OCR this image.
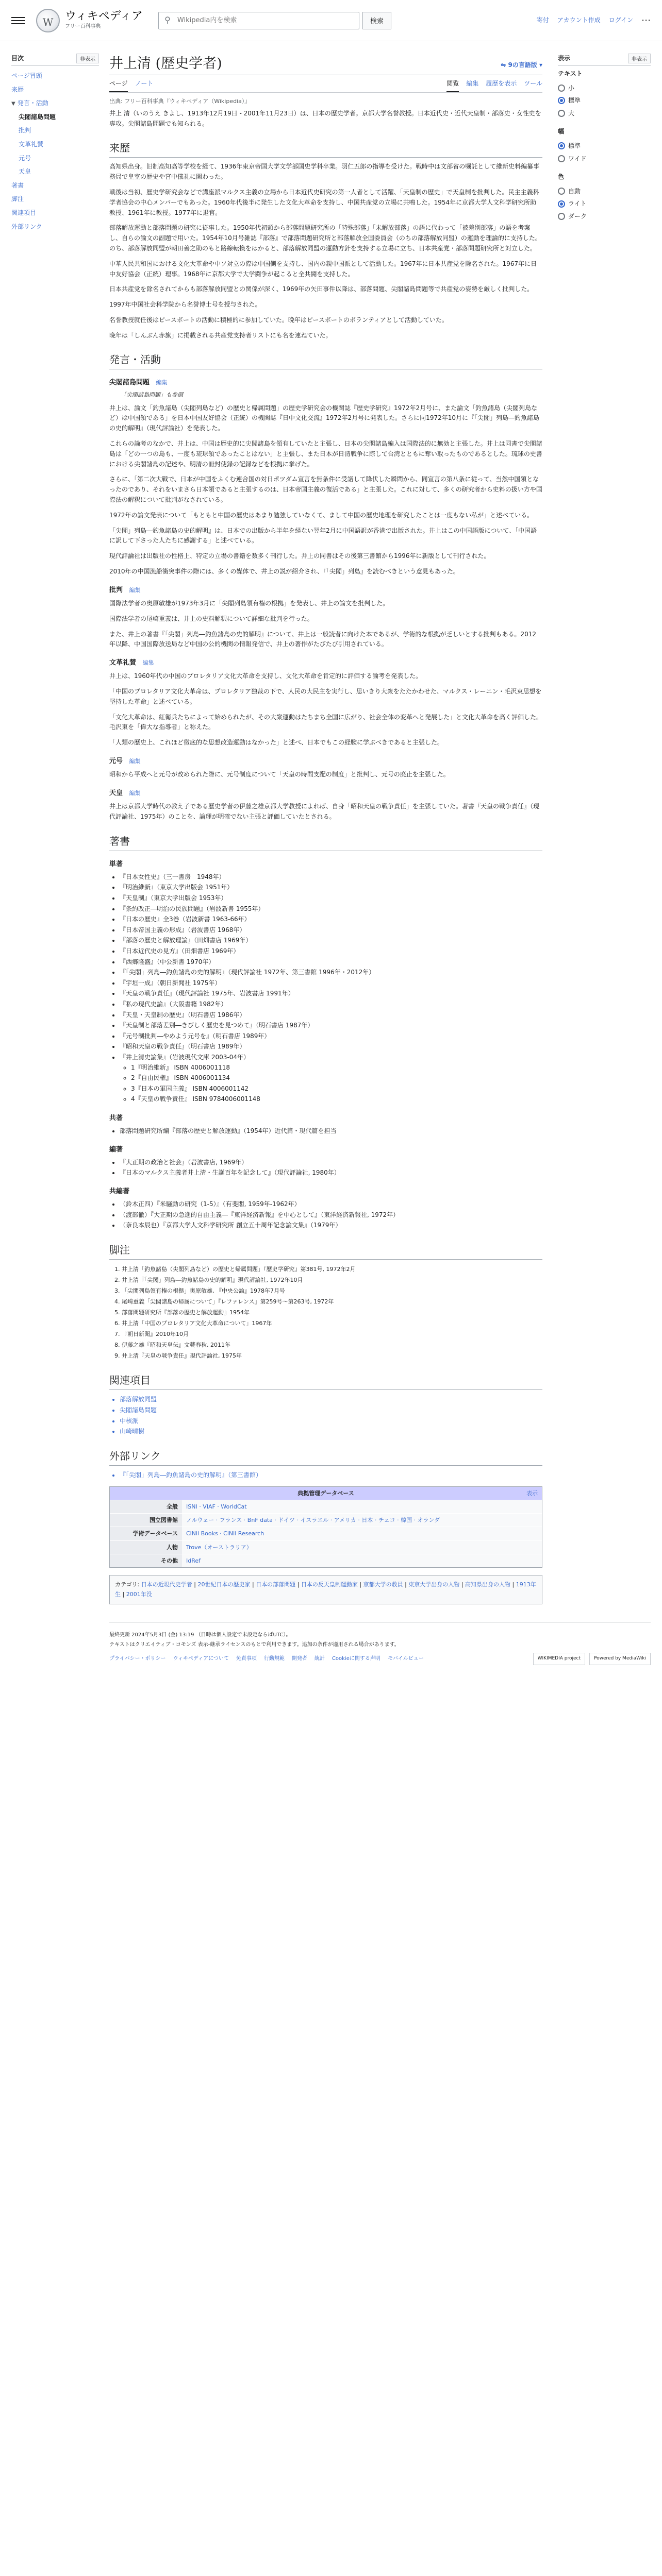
W
ウィキペディア
フリー百科事典
⚲
Wikipedia内を検索	検索	寄付 アカウント作成 ログイン ⋯
目次	非表示
ページ冒頭
来歴
▼ 発言・活動
尖閣諸島問題
批判
文革礼賛
元号
天皇
著書
脚注
関連項目
外部リンク
井上清 (歴史学者)	⇋ 9の言語版 ▾
ページ ノート	閲覧 編集 履歴を表示 ツール
出典: フリー百科事典『ウィキペディア（Wikipedia）』

井上 清（いのうえ きよし、1913年12月19日 - 2001年11月23日）は、日本の歴史学者。京都大学名誉教授。日本近代史・近代天皇制・部落史・女性史を専攻。尖閣諸島問題でも知られる。

来歴

高知県出身。旧制高知高等学校を経て、1936年東京帝国大学文学部国史学科卒業。羽仁五郎の指導を受けた。戦時中は文部省の嘱託として維新史料編纂事務局で皇室の歴史や宮中儀礼に関わった。

戦後は当初、歴史学研究会などで講座派マルクス主義の立場から日本近代史研究の第一人者として活躍、「天皇制の歴史」で天皇制を批判した。民主主義科学者協会の中心メンバーでもあった。1960年代後半に発生した文化大革命を支持し、中国共産党の立場に共鳴した。1954年に京都大学人文科学研究所助教授、1961年に教授。1977年に退官。

部落解放運動と部落問題の研究に従事した。1950年代初頭から部落問題研究所の「特殊部落」「未解放部落」の語に代わって「被差別部落」の語を考案し、自らの論文の副題で用いた。1954年10月号雑誌『部落』で部落問題研究所と部落解放全国委員会（のちの部落解放同盟）の運動を理論的に支持した。のち、部落解放同盟が朝田善之助のもと路線転換をはかると、部落解放同盟の運動方針を支持する立場に立ち、日本共産党・部落問題研究所と対立した。

中華人民共和国における文化大革命や中ソ対立の際は中国側を支持し、国内の親中国派として活動した。1967年に日本共産党を除名された。1967年に日中友好協会（正統）理事。1968年に京都大学で大学闘争が起こると全共闘を支持した。

日本共産党を除名されてからも部落解放同盟との関係が深く、1969年の矢田事件以降は、部落問題、尖閣諸島問題等で共産党の姿勢を厳しく批判した。

1997年中国社会科学院から名誉博士号を授与された。

名誉教授就任後はピースボートの活動に積極的に参加していた。晩年はピースボートのボランティアとして活動していた。

晩年は「しんぶん赤旗」に掲載される共産党支持者リストにも名を連ねていた。

発言・活動
尖閣諸島問題 編集
「尖閣諸島問題」も参照

井上は、論文「釣魚諸島（尖閣列島など）の歴史と帰属問題」の歴史学研究会の機関誌『歴史学研究』1972年2月号に、また論文「釣魚諸島（尖閣列島など）は中国領である」を日本中国友好協会（正統）の機関誌『日中文化交流』1972年2月号に発表した。さらに同1972年10月に『「尖閣」列島―釣魚諸島の史的解明』（現代評論社）を発表した。

これらの論考のなかで、井上は、中国は歴史的に尖閣諸島を領有していたと主張し、日本の尖閣諸島編入は国際法的に無効と主張した。井上は同書で尖閣諸島は「どの一つの島も、一度も琉球領であったことはない」と主張し、また日本が日清戦争に際して台湾とともに奪い取ったものであるとした。琉球の史書における尖閣諸島の記述や、明清の冊封使録の記録などを根拠に挙げた。

さらに、「第二次大戦で、日本が中国をふくむ連合国の対日ポツダム宣言を無条件に受諾して降伏した瞬間から、同宣言の第八条に従って、当然中国領となったのであり、それをいまさら日本領であると主張するのは、日本帝国主義の復活である」と主張した。これに対して、多くの研究者から史料の扱い方や国際法の解釈について批判がなされている。

1972年の論文発表について「もともと中国の歴史はあまり勉強していなくて、まして中国の歴史地理を研究したことは一度もない私が」と述べている。

「尖閣」列島―釣魚諸島の史的解明』は、日本での出版から半年を経ない翌年2月に中国語訳が香港で出版された。井上はこの中国語版について、「中国語に訳して下さった人たちに感謝する」と述べている。

現代評論社は出版社の性格上、特定の立場の書籍を数多く刊行した。井上の同書はその後第三書館から1996年に新版として刊行された。

2010年の中国漁船衝突事件の際には、多くの媒体で、井上の説が紹介され、『「尖閣」列島』を読むべきという意見もあった。

批判 編集

国際法学者の奥原敏雄が1973年3月に「尖閣列島領有権の根拠」を発表し、井上の論文を批判した。

国際法学者の尾崎重義は、井上の史料解釈について詳細な批判を行った。

また、井上の著書『「尖閣」列島―釣魚諸島の史的解明』について、井上は一般読者に向けた本であるが、学術的な根拠が乏しいとする批判もある。2012年以降、中国国際放送局など中国の公的機関の情報発信で、井上の著作がたびたび引用されている。

文革礼賛 編集

井上は、1960年代の中国のプロレタリア文化大革命を支持し、文化大革命を肯定的に評価する論考を発表した。

「中国のプロレタリア文化大革命は、プロレタリア独裁の下で、人民の大民主を実行し、思いきり大衆をたたかわせた、マルクス・レーニン・毛沢東思想を堅持した革命」と述べている。

「文化大革命は、紅衛兵たちによって始められたが、その大衆運動はたちまち全国に広がり、社会全体の変革へと発展した」と文化大革命を高く評価した。毛沢東を「偉大な指導者」と称えた。

「人類の歴史上、これほど徹底的な思想改造運動はなかった」と述べ、日本でもこの経験に学ぶべきであると主張した。

元号 編集

昭和から平成へと元号が改められた際に、元号制度について「天皇の時間支配の制度」と批判し、元号の廃止を主張した。

天皇 編集

井上は京都大学時代の教え子である歴史学者の伊藤之雄京都大学教授によれば、自身「昭和天皇の戦争責任」を主張していた。著書『天皇の戦争責任』（現代評論社、1975年）のことを、論理が明確でない主張と評価していたとされる。

著書
単著
• 『日本女性史』（三一書房　1948年）
• 『明治維新』（東京大学出版会 1951年）
• 『天皇制』（東京大学出版会 1953年）
• 『条約改正―明治の民族問題』（岩波新書 1955年）
• 『日本の歴史』全3巻（岩波新書 1963-66年）
• 『日本帝国主義の形成』（岩波書店 1968年）
• 『部落の歴史と解放理論』（田畑書店 1969年）
• 『日本近代史の見方』（田畑書店 1969年）
• 『西郷隆盛』（中公新書 1970年）
• 『「尖閣」列島―釣魚諸島の史的解明』（現代評論社 1972年、第三書館 1996年・2012年）
• 『宇垣一成』（朝日新聞社 1975年）
• 『天皇の戦争責任』（現代評論社 1975年、岩波書店 1991年）
• 『私の現代史論』（大阪書籍 1982年）
• 『天皇・天皇制の歴史』（明石書店 1986年）
• 『天皇制と部落差別―きびしく歴史を見つめて』（明石書店 1987年）
• 『元号制批判―やめよう元号を』（明石書店 1989年）
• 『昭和天皇の戦争責任』（明石書店 1989年）
• 『井上清史論集』（岩波現代文庫 2003-04年）
◦ 1『明治維新』 ISBN 4006001118
◦ 2『自由民権』 ISBN 4006001134
◦ 3『日本の軍国主義』 ISBN 4006001142
◦ 4『天皇の戦争責任』 ISBN 9784006001148
共著
• 部落問題研究所編『部落の歴史と解放運動』（1954年）近代篇・現代篇を担当
編著
• 『大正期の政治と社会』（岩波書店, 1969年）
• 『日本のマルクス主義者井上清・生誕百年を記念して』（現代評論社, 1980年）
共編著
• （鈴木正四）『米騒動の研究（1-5）』（有斐閣, 1959年-1962年）
• （渡部徹）『大正期の急進的自由主義―『東洋経済新報』を中心として』（東洋経済新報社, 1972年）
• （奈良本辰也）『京都大学人文科学研究所 創立五十周年記念論文集』（1979年）
脚注
1. 井上清「釣魚諸島（尖閣列島など）の歴史と帰属問題」『歴史学研究』第381号, 1972年2月
2. 井上清『「尖閣」列島―釣魚諸島の史的解明』現代評論社, 1972年10月
3. 「尖閣列島領有権の根拠」奥原敏雄, 『中央公論』1978年7月号
4. 尾崎重義「尖閣諸島の帰属について」『レファレンス』第259号〜第263号, 1972年
5. 部落問題研究所『部落の歴史と解放運動』1954年
6. 井上清「中国のプロレタリア文化大革命について」1967年
7. 『朝日新聞』2010年10月
8. 伊藤之雄『昭和天皇伝』文藝春秋, 2011年
9. 井上清『天皇の戦争責任』現代評論社, 1975年
関連項目
• 部落解放同盟
• 尖閣諸島問題
• 中核派
• 山崎晴樹
外部リンク
• 『「尖閣」列島―釣魚諸島の史的解明』（第三書館）
典拠管理データベース	表示
全般	ISNI · VIAF · WorldCat
国立図書館	ノルウェー · フランス · BnF data · ドイツ · イスラエル · アメリカ · 日本 · チェコ · 韓国 · オランダ
学術データベース	CiNii Books · CiNii Research
人物	Trove（オーストラリア）
その他	IdRef
カテゴリ: 日本の近現代史学者 | 20世紀日本の歴史家 | 日本の部落問題 | 日本の反天皇制運動家 | 京都大学の教員 | 東京大学出身の人物 | 高知県出身の人物 | 1913年生 | 2001年没
表示	非表示
テキスト
小
標準
大
幅
標準
ワイド
色
自動
ライト
ダーク
最終更新 2024年5月3日 (金) 13:19 （日時は個人設定で未設定ならばUTC）。
テキストはクリエイティブ・コモンズ 表示-継承ライセンスのもとで利用できます。追加の条件が適用される場合があります。
プライバシー・ポリシー ウィキペディアについて 免責事項 行動規範 開発者 統計 Cookieに関する声明 モバイルビュー	WIKIMEDIA project	Powered by MediaWiki
